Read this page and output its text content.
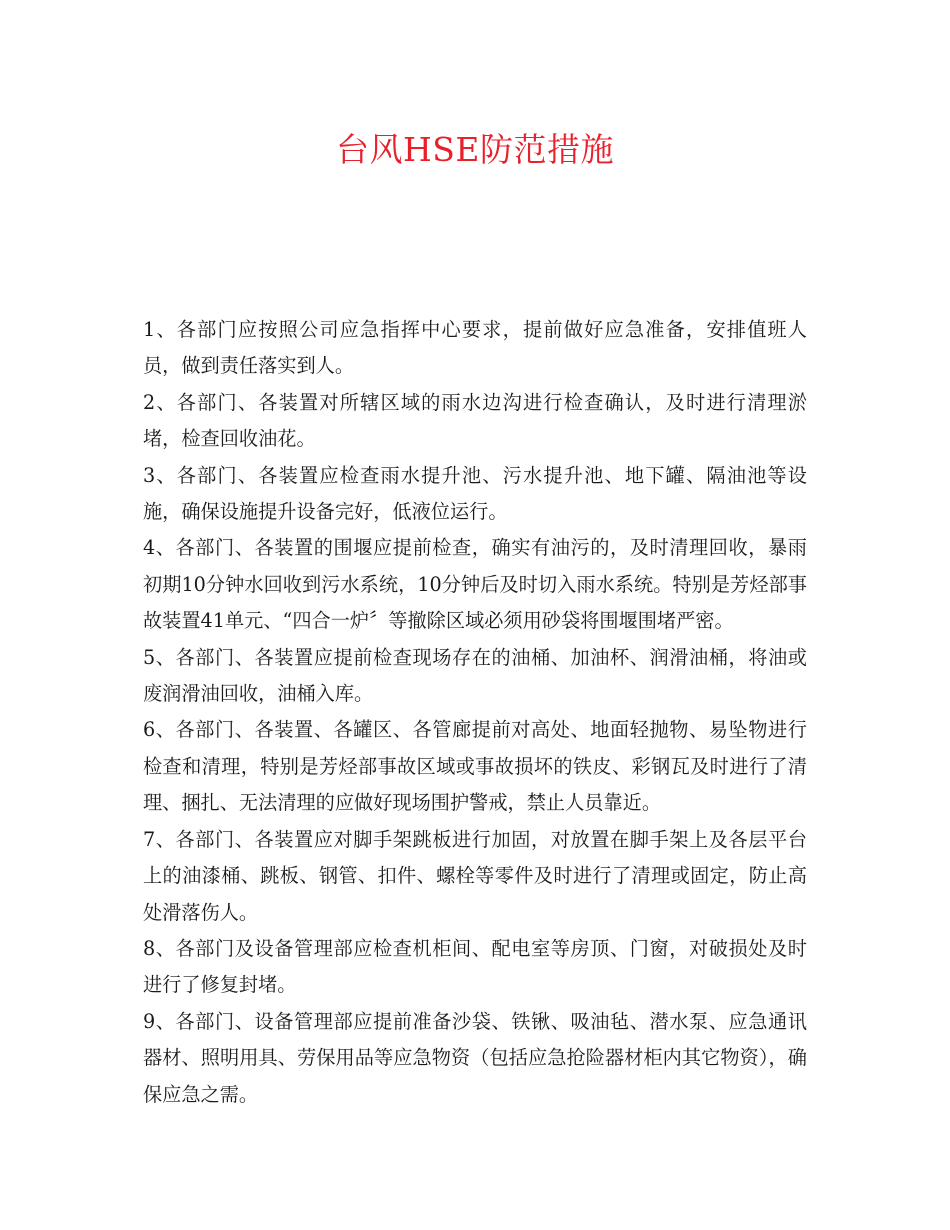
台风HSE防范措施

1、各部门应按照公司应急指挥中心要求，提前做好应急准备，安排值班人员，做到责任落实到人。

2、各部门、各装置对所辖区域的雨水边沟进行检查确认，及时进行清理淤堵，检查回收油花。

3、各部门、各装置应检查雨水提升池、污水提升池、地下罐、隔油池等设施，确保设施提升设备完好，低液位运行。

4、各部门、各装置的围堰应提前检查，确实有油污的，及时清理回收，暴雨初期10分钟水回收到污水系统，10分钟后及时切入雨水系统。特别是芳烃部事故装置41单元、“四合一炉〞等撤除区域必须用砂袋将围堰围堵严密。

5、各部门、各装置应提前检查现场存在的油桶、加油杯、润滑油桶，将油或废润滑油回收，油桶入库。

6、各部门、各装置、各罐区、各管廊提前对高处、地面轻抛物、易坠物进行检查和清理，特别是芳烃部事故区域或事故损坏的铁皮、彩钢瓦及时进行了清理、捆扎、无法清理的应做好现场围护警戒，禁止人员靠近。

7、各部门、各装置应对脚手架跳板进行加固，对放置在脚手架上及各层平台上的油漆桶、跳板、钢管、扣件、螺栓等零件及时进行了清理或固定，防止高处滑落伤人。

8、各部门及设备管理部应检查机柜间、配电室等房顶、门窗，对破损处及时进行了修复封堵。

9、各部门、设备管理部应提前准备沙袋、铁锹、吸油毡、潜水泵、应急通讯器材、照明用具、劳保用品等应急物资（包括应急抢险器材柜内其它物资），确保应急之需。
